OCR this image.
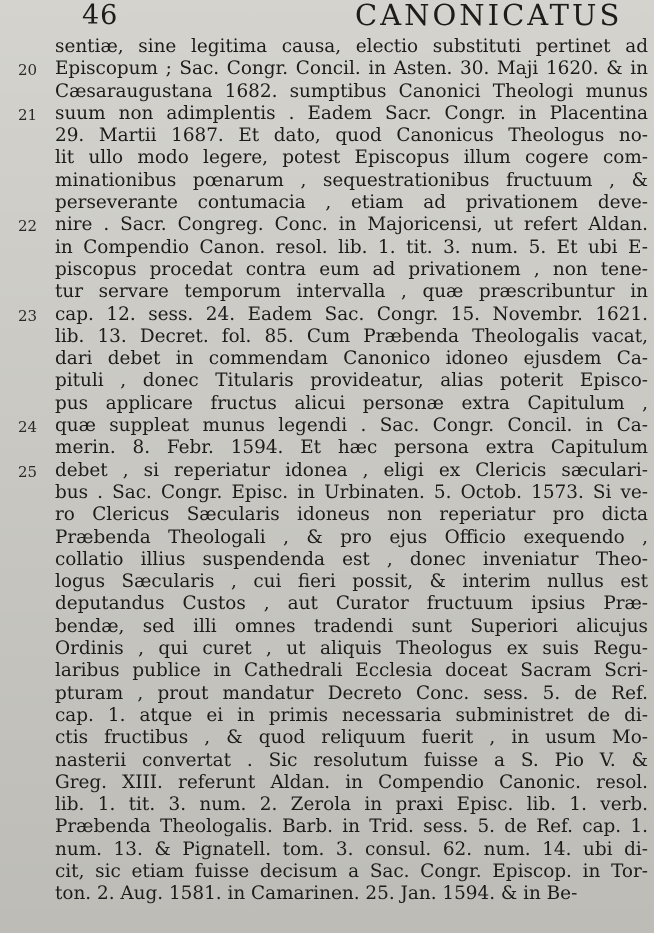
46	CANONICATUS
sentiæ, sine legitima causa, electio substituti pertinet ad
20 Episcopum ; Sac. Congr. Concil. in Asten. 30. Maji 1620. & in
Cæsaraugustana 1682. sumptibus Canonici Theologi munus
21 suum non adimplentis . Eadem Sacr. Congr. in Placentina
29. Martii 1687. Et dato, quod Canonicus Theologus no-
lit ullo modo legere, potest Episcopus illum cogere com-
minationibus pœnarum , sequestrationibus fructuum , &
perseverante contumacia , etiam ad privationem deve-
22 nire . Sacr. Congreg. Conc. in Majoricensi, ut refert Aldan.
in Compendio Canon. resol. lib. 1. tit. 3. num. 5. Et ubi E-
piscopus procedat contra eum ad privationem , non tene-
tur servare temporum intervalla , quæ præscribuntur in
23 cap. 12. sess. 24. Eadem Sac. Congr. 15. Novembr. 1621.
lib. 13. Decret. fol. 85. Cum Præbenda Theologalis vacat,
dari debet in commendam Canonico idoneo ejusdem Ca-
pituli , donec Titularis provideatur, alias poterit Episco-
pus applicare fructus alicui personæ extra Capitulum ,
24 quæ suppleat munus legendi . Sac. Congr. Concil. in Ca-
merin. 8. Febr. 1594. Et hæc persona extra Capitulum
25 debet , si reperiatur idonea , eligi ex Clericis sæculari-
bus . Sac. Congr. Episc. in Urbinaten. 5. Octob. 1573. Si ve-
ro Clericus Sæcularis idoneus non reperiatur pro dicta
Præbenda Theologali , & pro ejus Officio exequendo ,
collatio illius suspendenda est , donec inveniatur Theo-
logus Sæcularis , cui fieri possit, & interim nullus est
deputandus Custos , aut Curator fructuum ipsius Præ-
bendæ, sed illi omnes tradendi sunt Superiori alicujus
Ordinis , qui curet , ut aliquis Theologus ex suis Regu-
laribus publice in Cathedrali Ecclesia doceat Sacram Scri-
pturam , prout mandatur Decreto Conc. sess. 5. de Ref.
cap. 1. atque ei in primis necessaria subministret de di-
ctis fructibus , & quod reliquum fuerit , in usum Mo-
nasterii convertat . Sic resolutum fuisse a S. Pio V. &
Greg. XIII. referunt Aldan. in Compendio Canonic. resol.
lib. 1. tit. 3. num. 2. Zerola in praxi Episc. lib. 1. verb.
Præbenda Theologalis. Barb. in Trid. sess. 5. de Ref. cap. 1.
num. 13. & Pignatell. tom. 3. consul. 62. num. 14. ubi di-
cit, sic etiam fuisse decisum a Sac. Congr. Episcop. in Tor-
ton. 2. Aug. 1581. in Camarinen. 25. Jan. 1594. & in Be-
